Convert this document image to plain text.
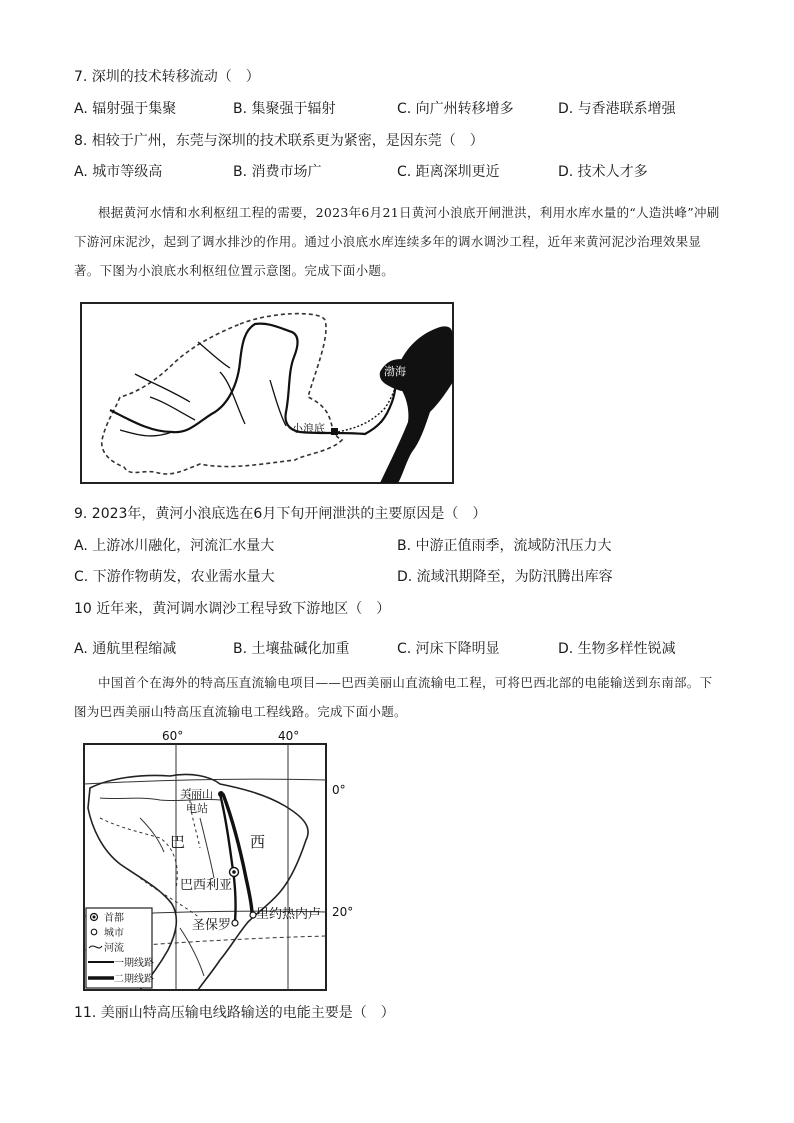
7. 深圳的技术转移流动（　）
A. 辐射强于集聚	B. 集聚强于辐射	C. 向广州转移增多	D. 与香港联系增强
8. 相较于广州，东莞与深圳的技术联系更为紧密，是因东莞（　）
A. 城市等级高	B. 消费市场广	C. 距离深圳更近	D. 技术人才多
根据黄河水情和水利枢纽工程的需要，2023年6月21日黄河小浪底开闸泄洪，利用水库水量的“人造洪峰”冲刷下游河床泥沙，起到了调水排沙的作用。通过小浪底水库连续多年的调水调沙工程，近年来黄河泥沙治理效果显著。下图为小浪底水利枢纽位置示意图。完成下面小题。
渤海
小浪底
9. 2023年，黄河小浪底选在6月下旬开闸泄洪的主要原因是（　）
A. 上游冰川融化，河流汇水量大	B. 中游正值雨季，流域防汛压力大
C. 下游作物萌发，农业需水量大	D. 流域汛期降至，为防汛腾出库容
10 近年来，黄河调水调沙工程导致下游地区（　）
A. 通航里程缩减	B. 土壤盐碱化加重	C. 河床下降明显	D. 生物多样性锐减
中国首个在海外的特高压直流输电项目——巴西美丽山直流输电工程，可将巴西北部的电能输送到东南部。下图为巴西美丽山特高压直流输电工程线路。完成下面小题。
60°	40°
0°
20°
美丽山
电站
巴	西
巴西利亚
里约热内卢
圣保罗
首都
城市
河流
一期线路
二期线路
11. 美丽山特高压输电线路输送的电能主要是（　）
